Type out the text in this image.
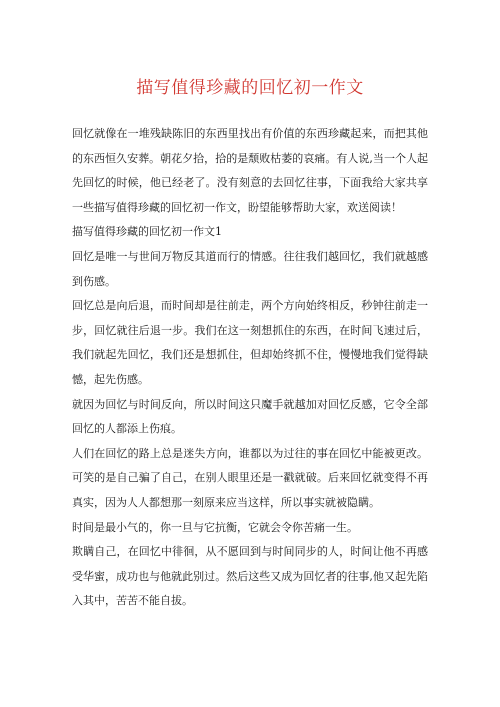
描写值得珍藏的回忆初一作文

回忆就像在一堆残缺陈旧的东西里找出有价值的东西珍藏起来，而把其他的东西恒久安葬。朝花夕拾，拾的是颓败枯萎的哀痛。有人说,当一个人起先回忆的时候，他已经老了。没有刻意的去回忆往事，下面我给大家共享一些描写值得珍藏的回忆初一作文，盼望能够帮助大家，欢送阅读！

描写值得珍藏的回忆初一作文1

回忆是唯一与世间万物反其道而行的情感。往往我们越回忆，我们就越感到伤感。

回忆总是向后退，而时间却是往前走，两个方向始终相反，秒钟往前走一步，回忆就往后退一步。我们在这一刻想抓住的东西，在时间飞速过后，我们就起先回忆，我们还是想抓住，但却始终抓不住，慢慢地我们觉得缺憾，起先伤感。

就因为回忆与时间反向，所以时间这只魔手就越加对回忆反感，它令全部回忆的人都添上伤痕。

人们在回忆的路上总是迷失方向，谁都以为过往的事在回忆中能被更改。可笑的是自己骗了自己，在别人眼里还是一戳就破。后来回忆就变得不再真实，因为人人都想那一刻原来应当这样，所以事实就被隐瞒。

时间是最小气的，你一旦与它抗衡，它就会令你苦痛一生。

欺瞒自己，在回忆中徘徊，从不愿回到与时间同步的人，时间让他不再感受华蜜，成功也与他就此别过。然后这些又成为回忆者的往事,他又起先陷入其中，苦苦不能自拔。
